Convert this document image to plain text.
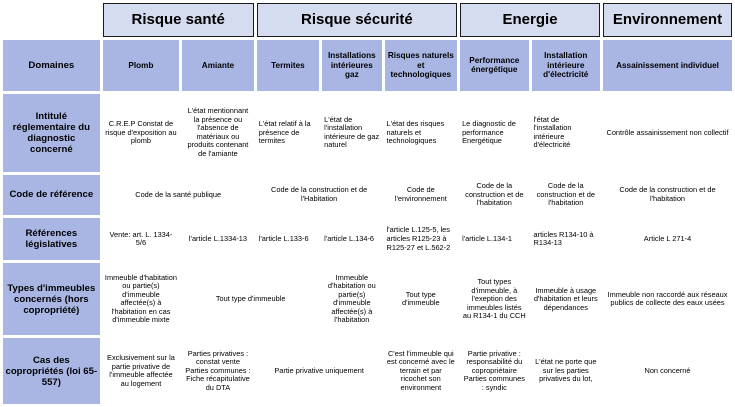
	Risque santé		Risque sécurité			Energie		Environnement
Domaines	Plomb	Amiante	Termites	Installations intérieures gaz	Risques naturels et technologiques	Performance énergétique	Installation intérieure d'électricité	Assainissement individuel
Intitulé réglementaire du diagnostic concerné	C.R.E.P Constat de risque d'exposition au plomb	L'état mentionnant la présence ou l'absence de matériaux ou produits contenant de l'amiante	L'état relatif à la présence de termites	L'état de l'installation intérieure de gaz naturel	L'état des risques naturels et technologiques	Le diagnostic de performance Energétique	l'état de l'installation intérieure d'électricité	Contrôle assainissement non collectif
Code de référence	Code de la santé publique		Code de la construction et de l'Habitation		Code de l'environnement	Code de la construction et de l'habitation	Code de la construction et de l'habitation	Code de la construction et de l'habitation
Références législatives	Vente: art. L. 1334-5/6	l'article L.1334-13	l'article L.133-6	l'article L.134-6	l'article L.125-5, les articles R125-23 à R125-27 et L.562-2	l'article L.134-1	articles R134-10 à R134-13	Article L 271-4
Types d'immeubles concernés (hors copropriété)	Immeuble d'habitation ou partie(s) d'immeuble affectée(s) à l'habitation en cas d'immeuble mixte	Tout type d'immeuble		Immeuble d'habitation ou partie(s) d'immeuble affectée(s) à l'habitation	Tout type d'immeuble	Tout types d'immeuble, à l'exeption des immeubles listés au R134-1 du CCH	Immeuble à usage d'habitation et leurs dépendances	Immeuble non raccordé aux réseaux publics de collecte des eaux usées
Cas des copropriétés (loi 65-557)	Exclusivement sur la partie privative de l'immeuble affectée au logement	Parties privatives : constat vente Parties communes : Fiche récapitulative du DTA	Partie privative uniquement		C'est l'immeuble qui est concerné avec le terrain et par ricochet son environment	Partie privative : responsabilité du copropriétaire Parties communes : syndic	L'état ne porte que sur les parties privatives du lot,	Non concerné
